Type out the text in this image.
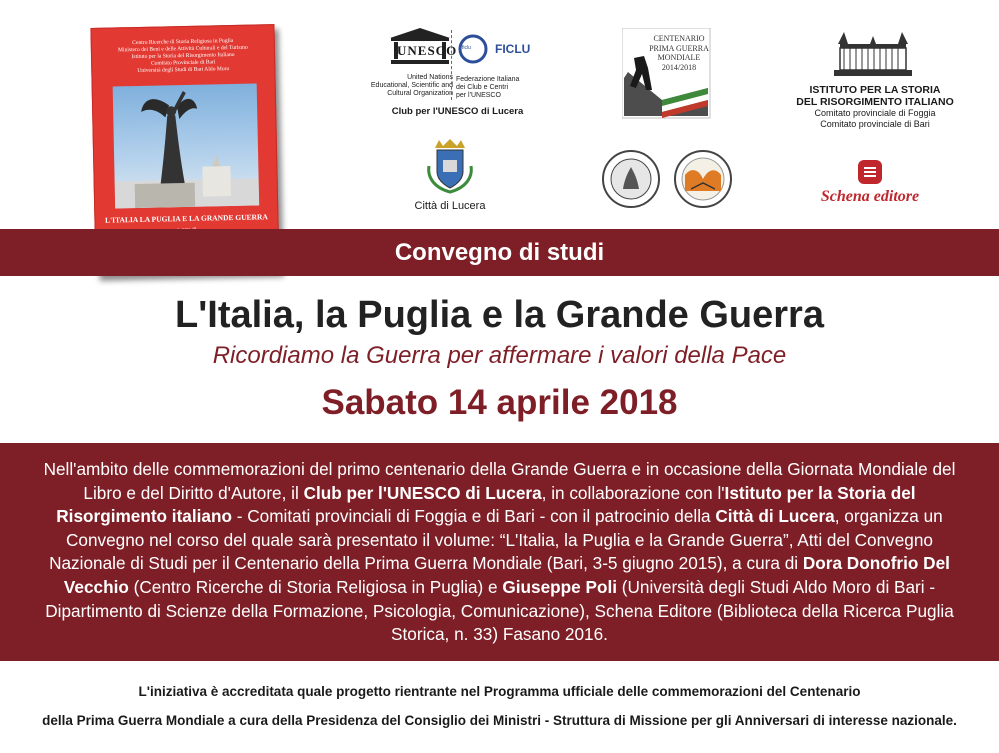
Centro Ricerche di Storia Religiosa in Puglia
Ministero dei Beni e delle Attività Culturali e del Turismo
Istituto per la Storia del Risorgimento Italiano
Comitato Provinciale di Bari
Università degli Studi di Bari Aldo Moro
L'ITALIA LA PUGLIA E LA GRANDE GUERRA
UNESCO
United Nations
Educational, Scientific and
Cultural Organization
ficlu FICLU
Federazione Italiana
dei Club e Centri
per l'UNESCO
Club per l'UNESCO di Lucera
CENTENARIO
PRIMA GUERRA
MONDIALE
2014/2018
ISTITUTO PER LA STORIA
DEL RISORGIMENTO ITALIANO
Comitato provinciale di Foggia
Comitato provinciale di Bari
Città di Lucera
Schena editore
Convegno di studi
L'Italia, la Puglia e la Grande Guerra
Ricordiamo la Guerra per affermare i valori della Pace
Sabato 14 aprile 2018
Nell'ambito delle commemorazioni del primo centenario della Grande Guerra e in occasione della Giornata Mondiale del Libro e del Diritto d'Autore, il Club per l'UNESCO di Lucera, in collaborazione con l'Istituto per la Storia del Risorgimento italiano - Comitati provinciali di Foggia e di Bari - con il patrocinio della Città di Lucera, organizza un Convegno nel corso del quale sarà presentato il volume: “L'Italia, la Puglia e la Grande Guerra”, Atti del Convegno Nazionale di Studi per il Centenario della Prima Guerra Mondiale (Bari, 3-5 giugno 2015), a cura di Dora Donofrio Del Vecchio (Centro Ricerche di Storia Religiosa in Puglia) e Giuseppe Poli (Università degli Studi Aldo Moro di Bari - Dipartimento di Scienze della Formazione, Psicologia, Comunicazione), Schena Editore (Biblioteca della Ricerca Puglia Storica, n. 33) Fasano 2016.
L'iniziativa è accreditata quale progetto rientrante nel Programma ufficiale delle commemorazioni del Centenario
della Prima Guerra Mondiale a cura della Presidenza del Consiglio dei Ministri - Struttura di Missione per gli Anniversari di interesse nazionale.
